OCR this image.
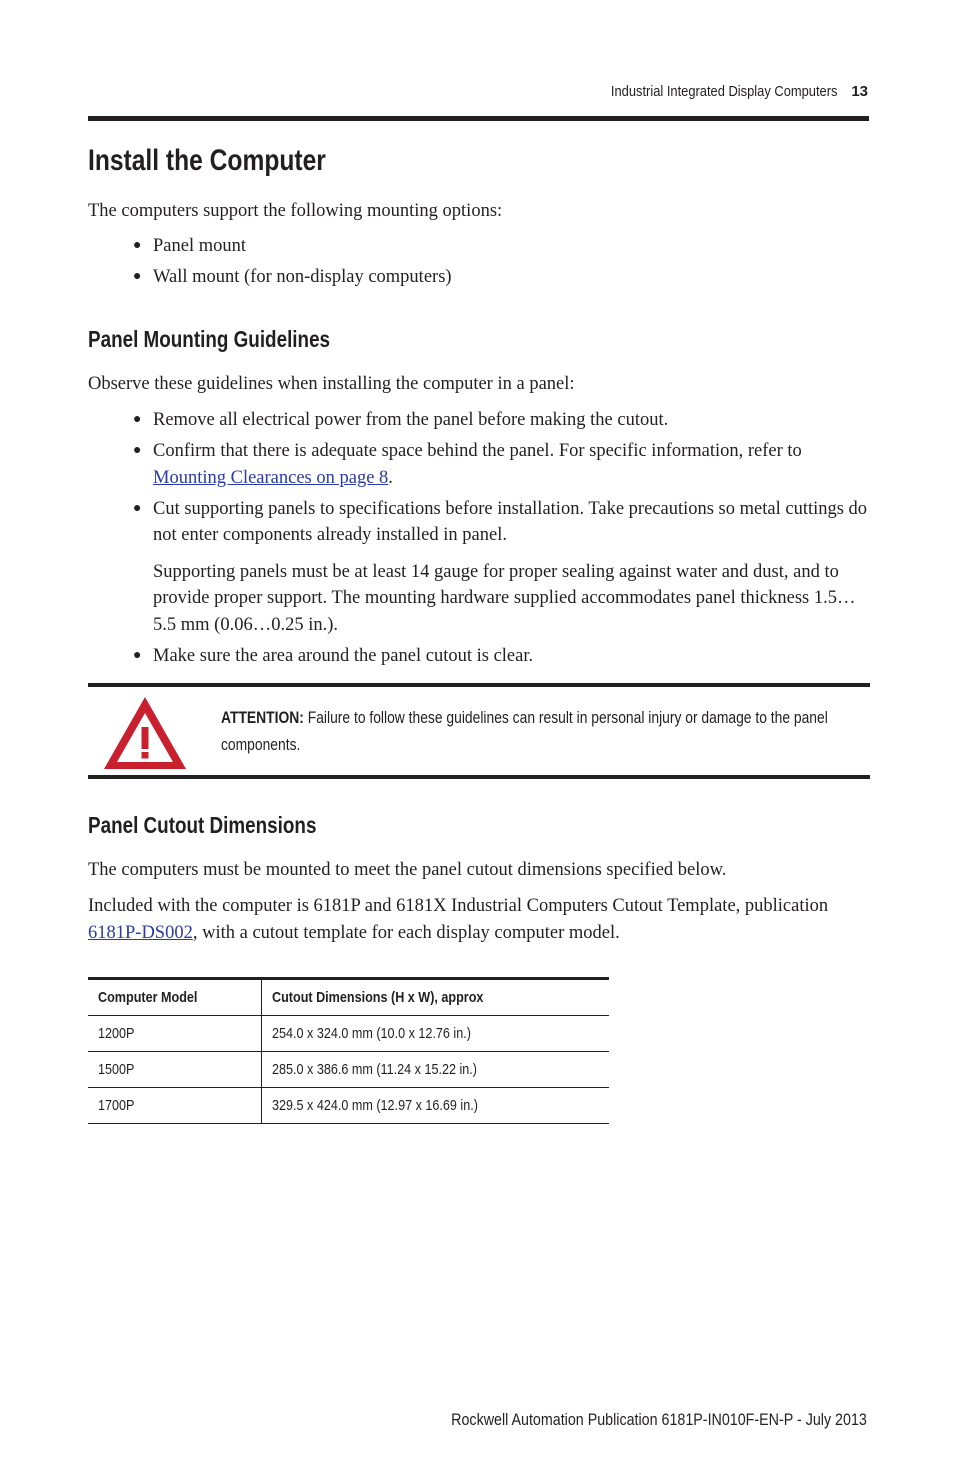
Industrial Integrated Display Computers 13
Install the Computer

The computers support the following mounting options:

● Panel mount
● Wall mount (for non-display computers)
Panel Mounting Guidelines

Observe these guidelines when installing the computer in a panel:

● Remove all electrical power from the panel before making the cutout.
● Confirm that there is adequate space behind the panel. For specific information, refer to Mounting Clearances on page 8.
● Cut supporting panels to specifications before installation. Take precautions so metal cuttings do not enter components already installed in panel.
Supporting panels must be at least 14 gauge for proper sealing against water and dust, and to provide proper support. The mounting hardware supplied accommodates panel thickness 1.5…5.5 mm (0.06…0.25 in.).
● Make sure the area around the panel cutout is clear.
ATTENTION: Failure to follow these guidelines can result in personal injury or damage to the panel components.
Panel Cutout Dimensions

The computers must be mounted to meet the panel cutout dimensions specified below.

Included with the computer is 6181P and 6181X Industrial Computers Cutout Template, publication 6181P-DS002, with a cutout template for each display computer model.

Computer Model	Cutout Dimensions (H x W), approx
1200P	254.0 x 324.0 mm (10.0 x 12.76 in.)
1500P	285.0 x 386.6 mm (11.24 x 15.22 in.)
1700P	329.5 x 424.0 mm (12.97 x 16.69 in.)
Rockwell Automation Publication 6181P-IN010F-EN-P - July 2013
